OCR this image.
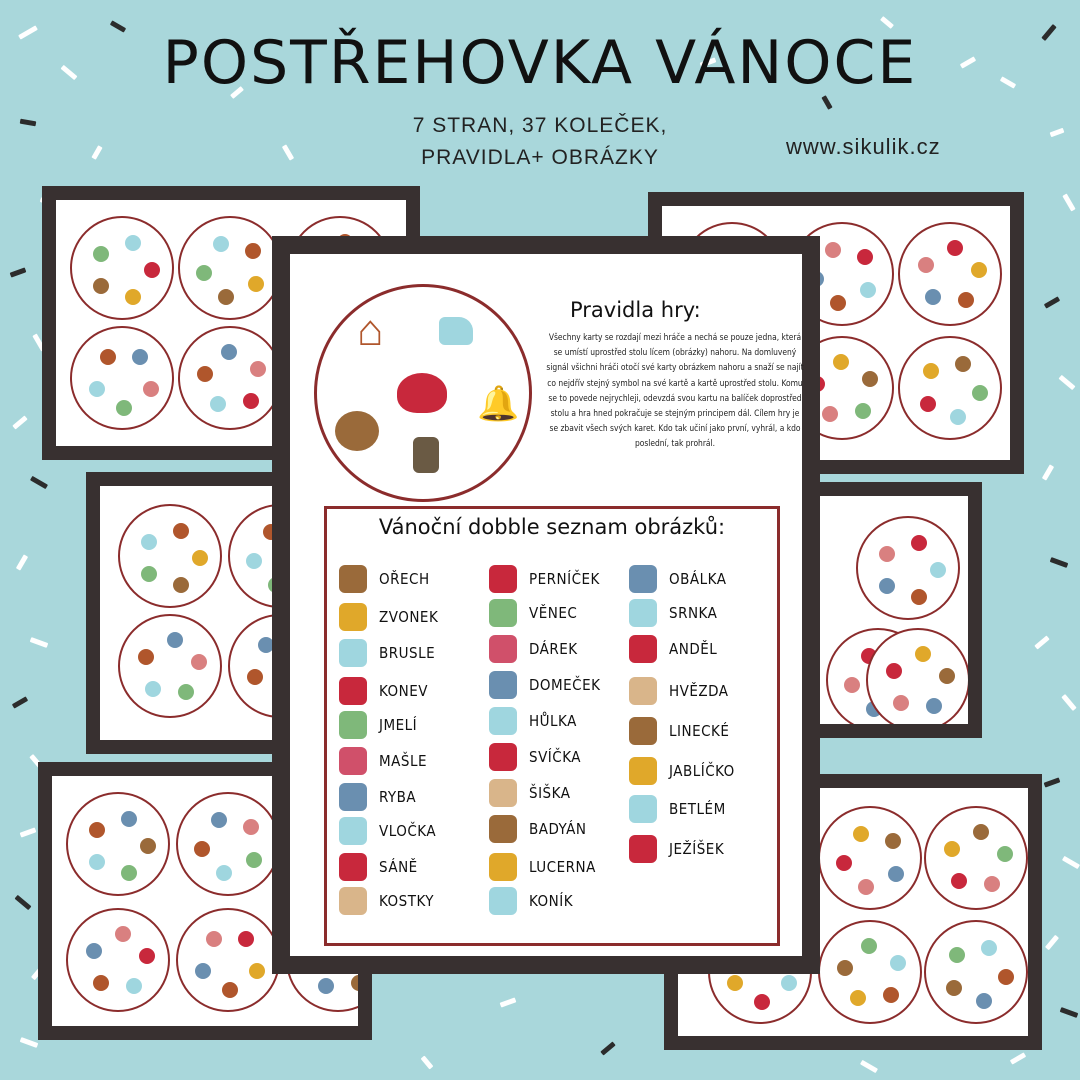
POSTŘEHOVKA VÁNOCE
7 STRAN, 37 KOLEČEK,
PRAVIDLA+ OBRÁZKY	www.sikulik.cz
⌂
🔔
Pravidla hry:
Všechny karty se rozdají mezi hráče a nechá se pouze jedna, která se umístí uprostřed stolu lícem (obrázky) nahoru. Na domluvený signál všichni hráči otočí své karty obrázkem nahoru a snaží se najít co nejdřív stejný symbol na své kartě a kartě uprostřed stolu. Komu se to povede nejrychleji, odevzdá svou kartu na balíček doprostřed stolu a hra hned pokračuje se stejným principem dál. Cílem hry je se zbavit všech svých karet. Kdo tak učiní jako první, vyhrál, a kdo poslední, tak prohrál.
Vánoční dobble seznam obrázků:
OŘECH
ZVONEK
BRUSLE
KONEV
JMELÍ
MAŠLE
RYBA
VLOČKA
SÁNĚ
KOSTKY
PERNÍČEK
VĚNEC
DÁREK
DOMEČEK
HŮLKA
SVÍČKA
ŠIŠKA
BADYÁN
LUCERNA
KONÍK
OBÁLKA
SRNKA
ANDĚL
HVĚZDA
LINECKÉ
JABLÍČKO
BETLÉM
JEŽÍŠEK
